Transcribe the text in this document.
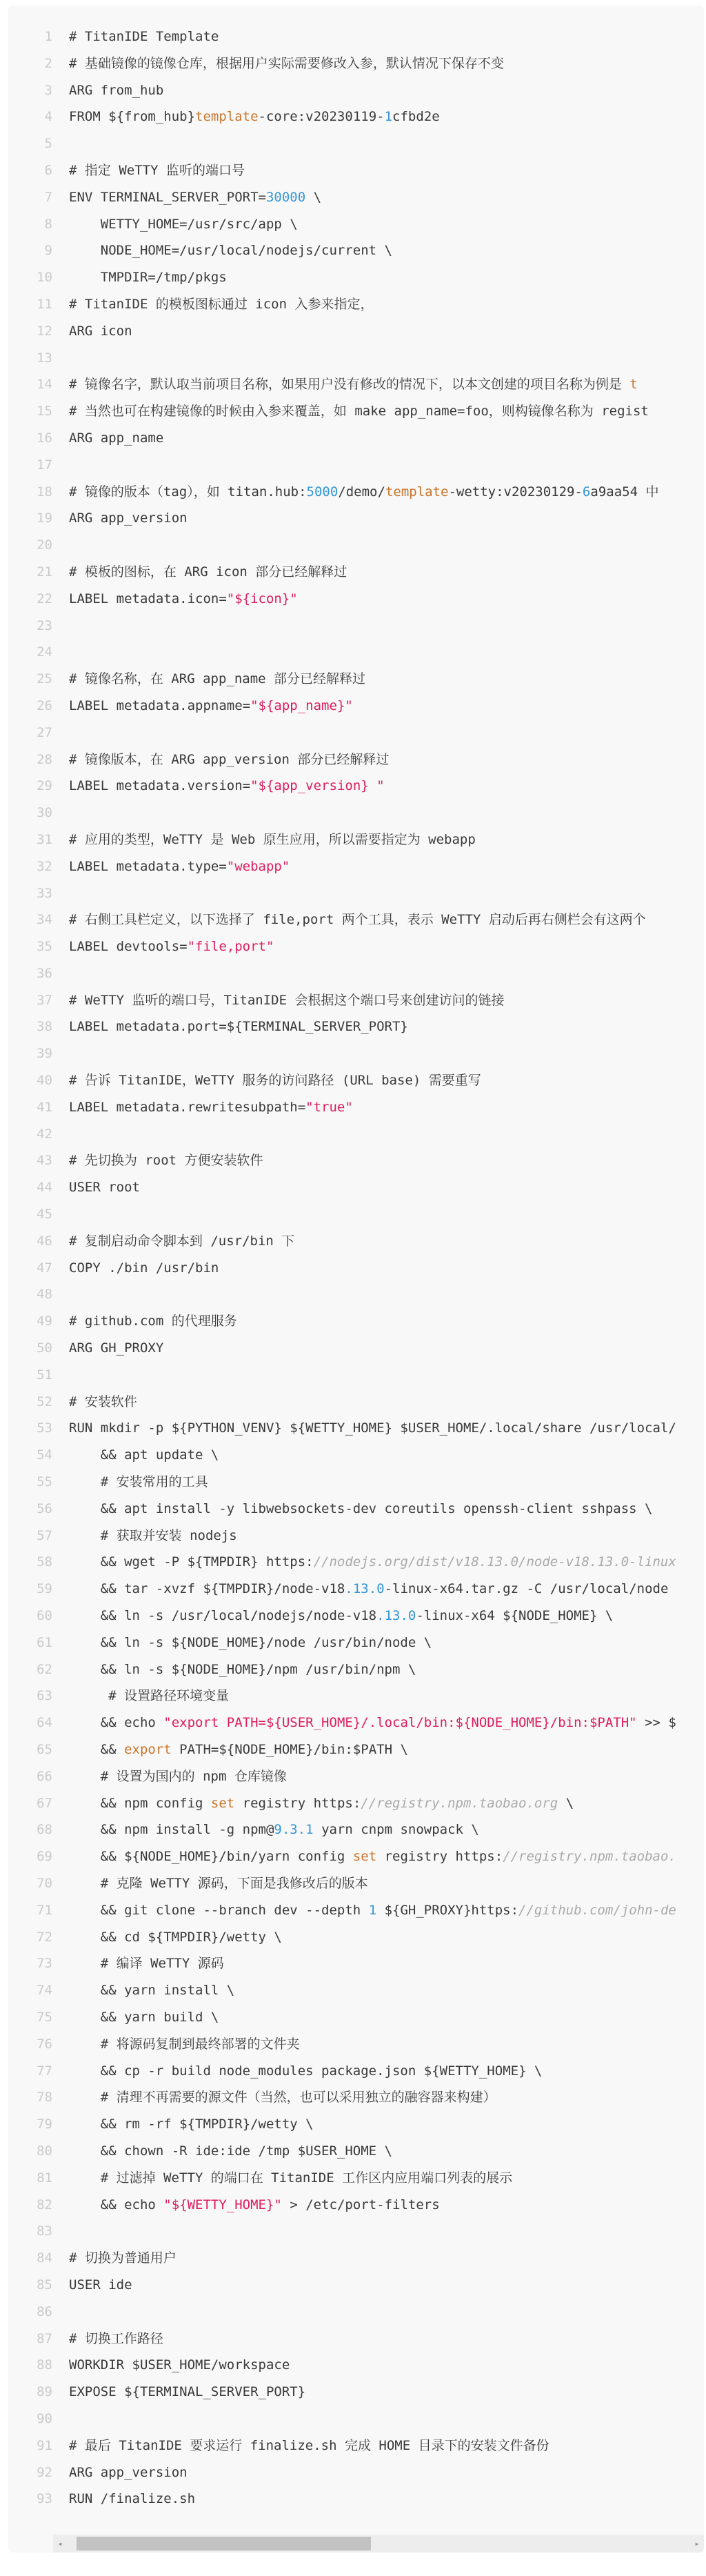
1 # TitanIDE Template
2 # 基础镜像的镜像仓库，根据用户实际需要修改入参，默认情况下保存不变
3 ARG from_hub
4 FROM ${from_hub}template-core:v20230119-1cfbd2e
5
6 # 指定 WeTTY 监听的端口号
7 ENV TERMINAL_SERVER_PORT=30000 \
8 WETTY_HOME=/usr/src/app \
9 NODE_HOME=/usr/local/nodejs/current \
10 TMPDIR=/tmp/pkgs
11 # TitanIDE 的模板图标通过 icon 入参来指定，
12 ARG icon
13
14 # 镜像名字，默认取当前项目名称，如果用户没有修改的情况下，以本文创建的项目名称为例是 t
15 # 当然也可在构建镜像的时候由入参来覆盖，如 make app_name=foo，则构镜像名称为 regist
16 ARG app_name
17
18 # 镜像的版本（tag），如 titan.hub:5000/demo/template-wetty:v20230129-6a9aa54 中
19 ARG app_version
20
21 # 模板的图标，在 ARG icon 部分已经解释过
22 LABEL metadata.icon="${icon}"
23
24
25 # 镜像名称，在 ARG app_name 部分已经解释过
26 LABEL metadata.appname="${app_name}"
27
28 # 镜像版本，在 ARG app_version 部分已经解释过
29 LABEL metadata.version="${app_version} "
30
31 # 应用的类型，WeTTY 是 Web 原生应用，所以需要指定为 webapp
32 LABEL metadata.type="webapp"
33
34 # 右侧工具栏定义，以下选择了 file,port 两个工具，表示 WeTTY 启动后再右侧栏会有这两个
35 LABEL devtools="file,port"
36
37 # WeTTY 监听的端口号，TitanIDE 会根据这个端口号来创建访问的链接
38 LABEL metadata.port=${TERMINAL_SERVER_PORT}
39
40 # 告诉 TitanIDE，WeTTY 服务的访问路径 (URL base) 需要重写
41 LABEL metadata.rewritesubpath="true"
42
43 # 先切换为 root 方便安装软件
44 USER root
45
46 # 复制启动命令脚本到 /usr/bin 下
47 COPY ./bin /usr/bin
48
49 # github.com 的代理服务
50 ARG GH_PROXY
51
52 # 安装软件
53 RUN mkdir -p ${PYTHON_VENV} ${WETTY_HOME} $USER_HOME/.local/share /usr/local/
54 && apt update \
55 # 安装常用的工具
56 && apt install -y libwebsockets-dev coreutils openssh-client sshpass \
57 # 获取并安装 nodejs
58 && wget -P ${TMPDIR} https://nodejs.org/dist/v18.13.0/node-v18.13.0-linux
59 && tar -xvzf ${TMPDIR}/node-v18.13.0-linux-x64.tar.gz -C /usr/local/node
60 && ln -s /usr/local/nodejs/node-v18.13.0-linux-x64 ${NODE_HOME} \
61 && ln -s ${NODE_HOME}/node /usr/bin/node \
62 && ln -s ${NODE_HOME}/npm /usr/bin/npm \
63 # 设置路径环境变量
64 && echo "export PATH=${USER_HOME}/.local/bin:${NODE_HOME}/bin:$PATH" >> $
65 && export PATH=${NODE_HOME}/bin:$PATH \
66 # 设置为国内的 npm 仓库镜像
67 && npm config set registry https://registry.npm.taobao.org \
68 && npm install -g npm@9.3.1 yarn cnpm snowpack \
69 && ${NODE_HOME}/bin/yarn config set registry https://registry.npm.taobao.
70 # 克隆 WeTTY 源码，下面是我修改后的版本
71 && git clone --branch dev --depth 1 ${GH_PROXY}https://github.com/john-de
72 && cd ${TMPDIR}/wetty \
73 # 编译 WeTTY 源码
74 && yarn install \
75 && yarn build \
76 # 将源码复制到最终部署的文件夹
77 && cp -r build node_modules package.json ${WETTY_HOME} \
78 # 清理不再需要的源文件（当然，也可以采用独立的融容器来构建）
79 && rm -rf ${TMPDIR}/wetty \
80 && chown -R ide:ide /tmp $USER_HOME \
81 # 过滤掉 WeTTY 的端口在 TitanIDE 工作区内应用端口列表的展示
82 && echo "${WETTY_HOME}" > /etc/port-filters
83
84 # 切换为普通用户
85 USER ide
86
87 # 切换工作路径
88 WORKDIR $USER_HOME/workspace
89 EXPOSE ${TERMINAL_SERVER_PORT}
90
91 # 最后 TitanIDE 要求运行 finalize.sh 完成 HOME 目录下的安装文件备份
92 ARG app_version
93 RUN /finalize.sh
◂	▸
